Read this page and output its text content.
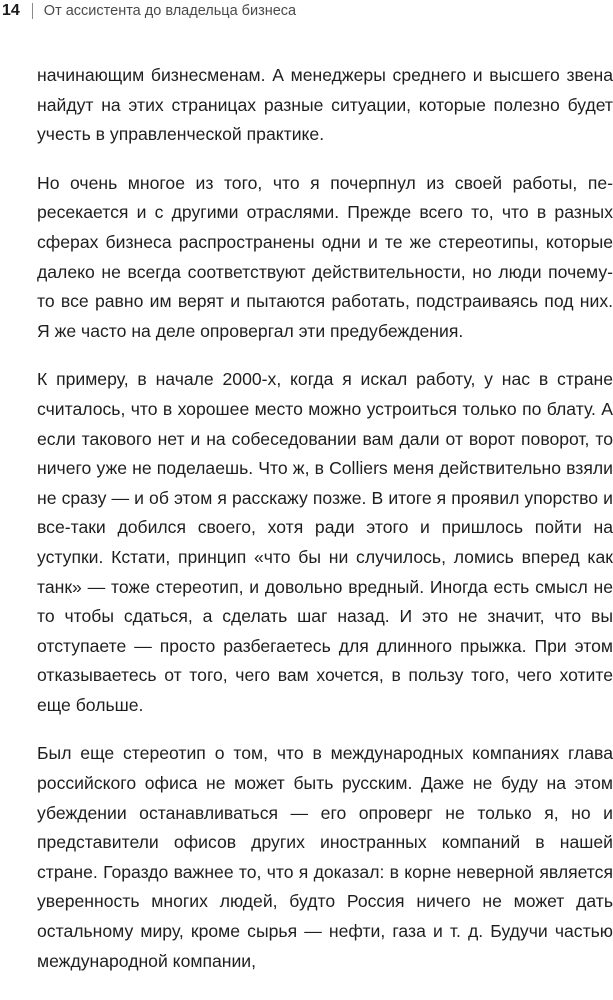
14 От ассистента до владельца бизнеса

начинающим бизнесменам. А менеджеры среднего и высшего звена найдут на этих страницах разные ситуации, которые полезно будет учесть в управленческой практике.

Но очень многое из того, что я почерпнул из своей работы, пересекается и с другими отраслями. Прежде всего то, что в разных сферах бизнеса распространены одни и те же стереотипы, которые далеко не всегда соответствуют действительности, но люди почему-то все равно им верят и пытаются работать, подстраиваясь под них. Я же часто на деле опровергал эти предубеждения.

К примеру, в начале 2000-х, когда я искал работу, у нас в стране считалось, что в хорошее место можно устроиться только по блату. А если такового нет и на собеседовании вам дали от ворот поворот, то ничего уже не поделаешь. Что ж, в Colliers меня действительно взяли не сразу — и об этом я расскажу позже. В итоге я проявил упорство и все-таки добился своего, хотя ради этого и пришлось пойти на уступки. Кстати, принцип «что бы ни случилось, ломись вперед как танк» — тоже стереотип, и довольно вредный. Иногда есть смысл не то чтобы сдаться, а сделать шаг назад. И это не значит, что вы отступаете — просто разбегаетесь для длинного прыжка. При этом отказываетесь от того, чего вам хочется, в пользу того, чего хотите еще больше.

Был еще стереотип о том, что в международных компаниях глава российского офиса не может быть русским. Даже не буду на этом убеждении останавливаться — его опроверг не только я, но и представители офисов других иностранных компаний в нашей стране. Гораздо важнее то, что я доказал: в корне неверной является уверенность многих людей, будто Россия ничего не может дать остальному миру, кроме сырья — нефти, газа и т. д. Будучи частью международной компании,
